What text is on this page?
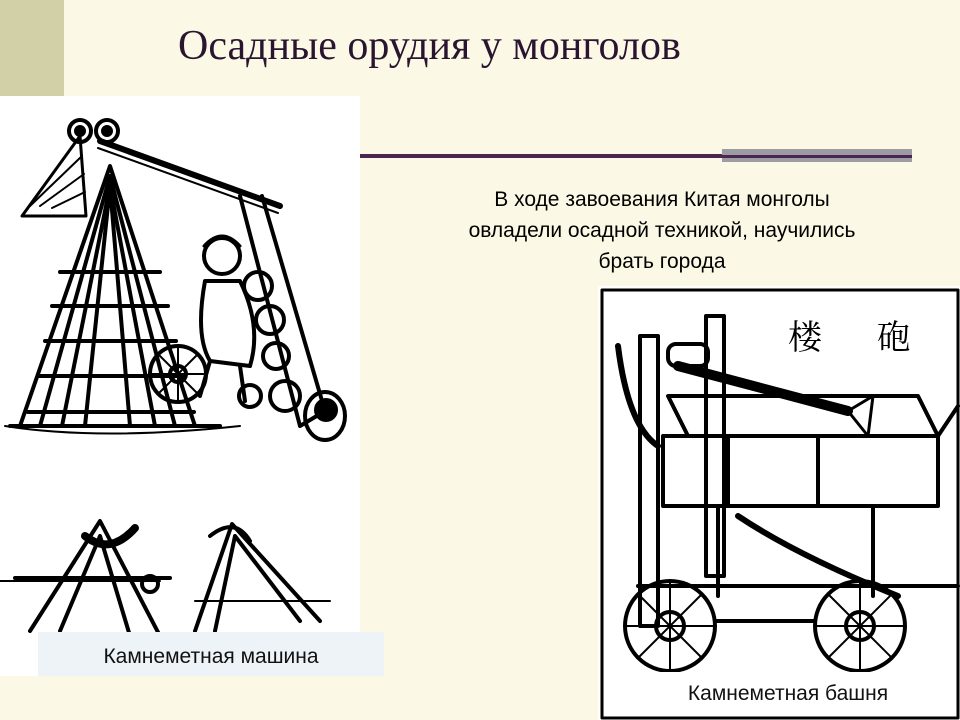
Осадные орудия у монголов
В ходе завоевания Китая монголы
овладели осадной техникой, научились
брать города
Камнеметная машина
楼 砲
Камнеметная башня
